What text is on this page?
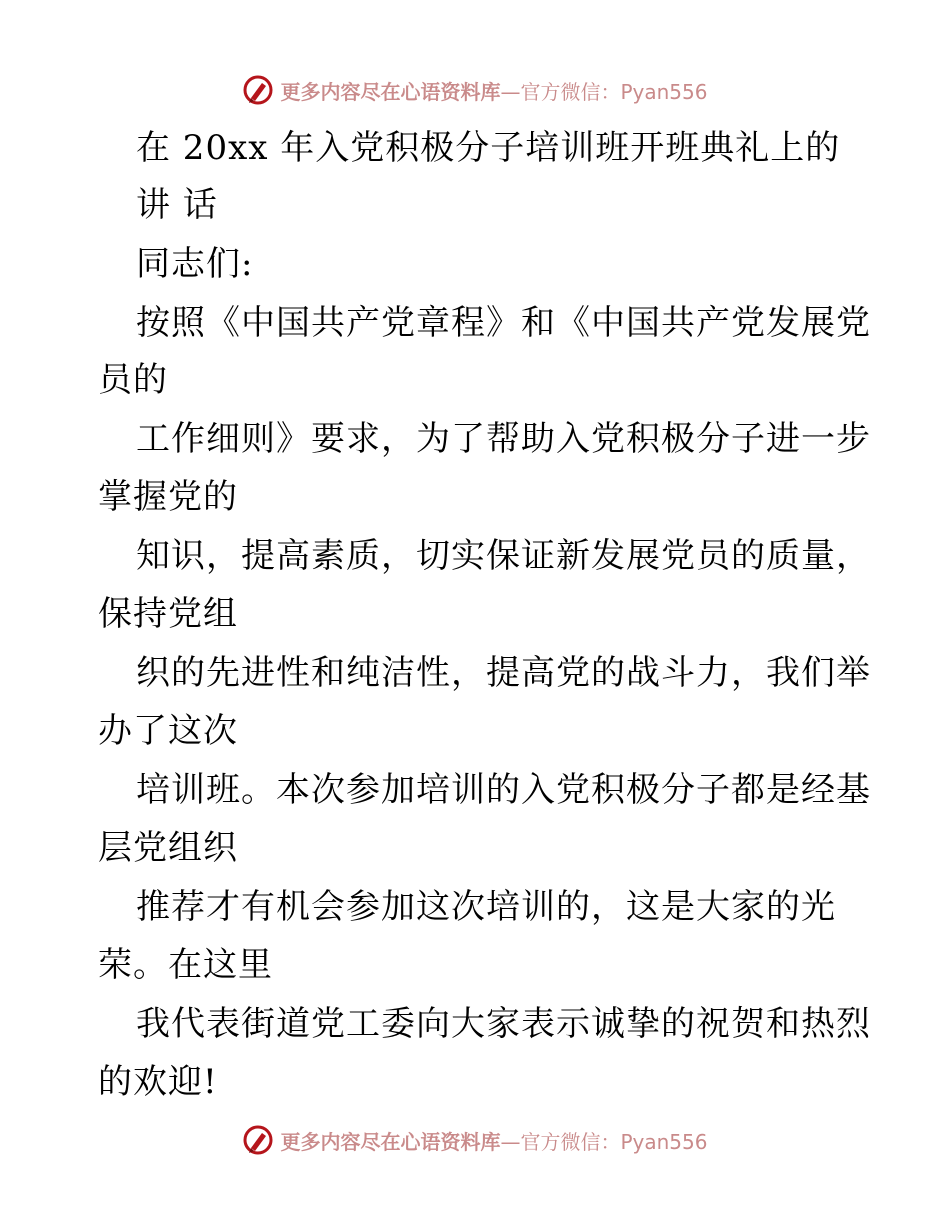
更多内容尽在心语资料库 —官方微信：Pyan556
在 20xx 年入党积极分子培训班开班典礼上的
讲 话
同志们:
按照《中国共产党章程》和《中国共产党发展党
员的
工作细则》要求，为了帮助入党积极分子进一步
掌握党的
知识，提高素质，切实保证新发展党员的质量，
保持党组
织的先进性和纯洁性，提高党的战斗力，我们举
办了这次
培训班。本次参加培训的入党积极分子都是经基
层党组织
推荐才有机会参加这次培训的，这是大家的光
荣。在这里
我代表街道党工委向大家表示诚挚的祝贺和热烈
的欢迎!
更多内容尽在心语资料库 —官方微信：Pyan556
